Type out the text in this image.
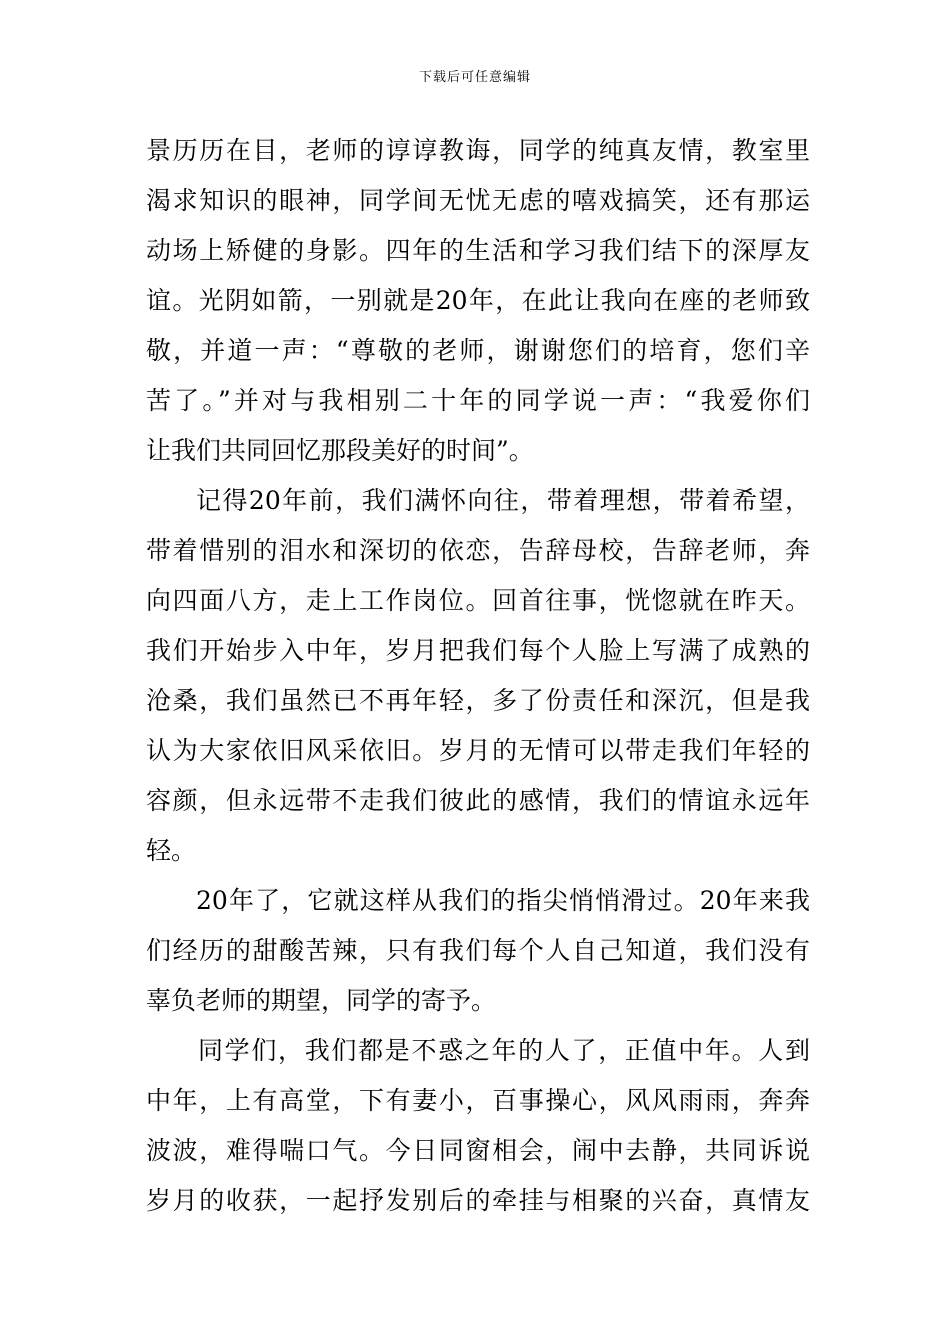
下载后可任意编辑
景历历在目，老师的谆谆教诲，同学的纯真友情，教室里
渴求知识的眼神，同学间无忧无虑的嘻戏搞笑，还有那运
动场上矫健的身影。四年的生活和学习我们结下的深厚友
谊。光阴如箭，一别就是20年，在此让我向在座的老师致
敬，并道一声：“尊敬的老师，谢谢您们的培育，您们辛
苦了。”并对与我相别二十年的同学说一声：“我爱你们
让我们共同回忆那段美好的时间”。
记得20年前，我们满怀向往，带着理想，带着希望，
带着惜别的泪水和深切的依恋，告辞母校，告辞老师，奔
向四面八方，走上工作岗位。回首往事，恍惚就在昨天。
我们开始步入中年，岁月把我们每个人脸上写满了成熟的
沧桑，我们虽然已不再年轻，多了份责任和深沉，但是我
认为大家依旧风采依旧。岁月的无情可以带走我们年轻的
容颜，但永远带不走我们彼此的感情，我们的情谊永远年
轻。
20年了，它就这样从我们的指尖悄悄滑过。20年来我
们经历的甜酸苦辣，只有我们每个人自己知道，我们没有
辜负老师的期望，同学的寄予。
同学们，我们都是不惑之年的人了，正值中年。人到
中年，上有高堂，下有妻小，百事操心，风风雨雨，奔奔
波波，难得喘口气。今日同窗相会，闹中去静，共同诉说
岁月的收获，一起抒发别后的牵挂与相聚的兴奋，真情友
